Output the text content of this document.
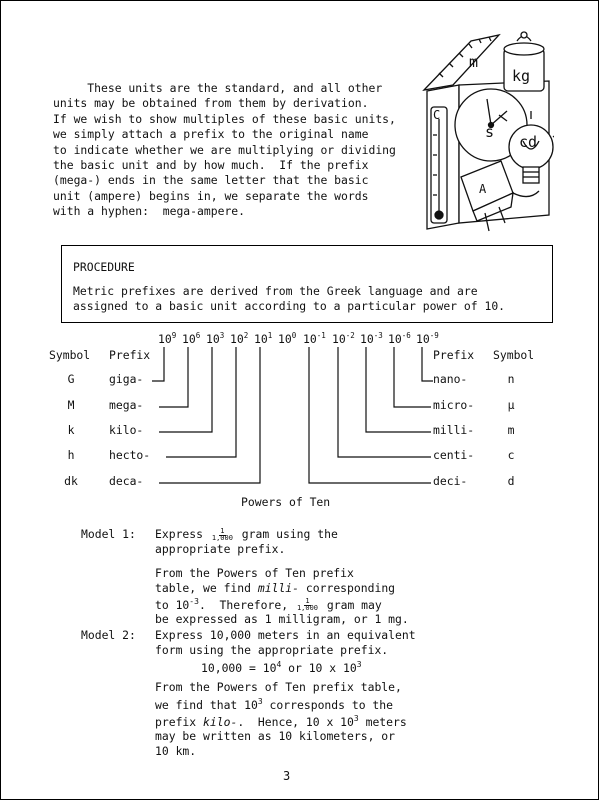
These units are the standard, and all other
units may be obtained from them by derivation.
If we wish to show multiples of these basic units,
we simply attach a prefix to the original name
to indicate whether we are multiplying or dividing
the basic unit and by how much.  If the prefix
(mega-) ends in the same letter that the basic
unit (ampere) begins in, we separate the words
with a hyphen:  mega-ampere.
m
kg
C
s
cd
A
PROCEDURE
Metric prefixes are derived from the Greek language and are
assigned to a basic unit according to a particular power of 10.
Symbol Prefix	Prefix Symbol
$10^9$ $10^6$ $10^3$ $10^2$ $10^1$ $10^0$ $10^{-1}$ $10^{-2}$ $10^{-3}$ $10^{-6}$ $10^{-9}$
G	giga-
M	mega-
k	kilo-
h	hecto-
dk	deca-
nano-	n
micro-	µ
milli-	m
centi-	c
deci-	d
Powers of Ten
Model 1: Express $\frac{1}{1,000}$ gram using the
appropriate prefix.
From the Powers of Ten prefix
table, we find milli- corresponding
to $10^{-3}$.  Therefore, $\frac{1}{1,000}$ gram may
be expressed as 1 milligram, or 1 mg.
Model 2: Express 10,000 meters in an equivalent
form using the appropriate prefix.
$10,000 = 10^4$ or 10 x $10^3$
From the Powers of Ten prefix table,
we find that $10^3$ corresponds to the
prefix kilo-.  Hence, 10 x $10^3$ meters
may be written as 10 kilometers, or
10 km.
3
